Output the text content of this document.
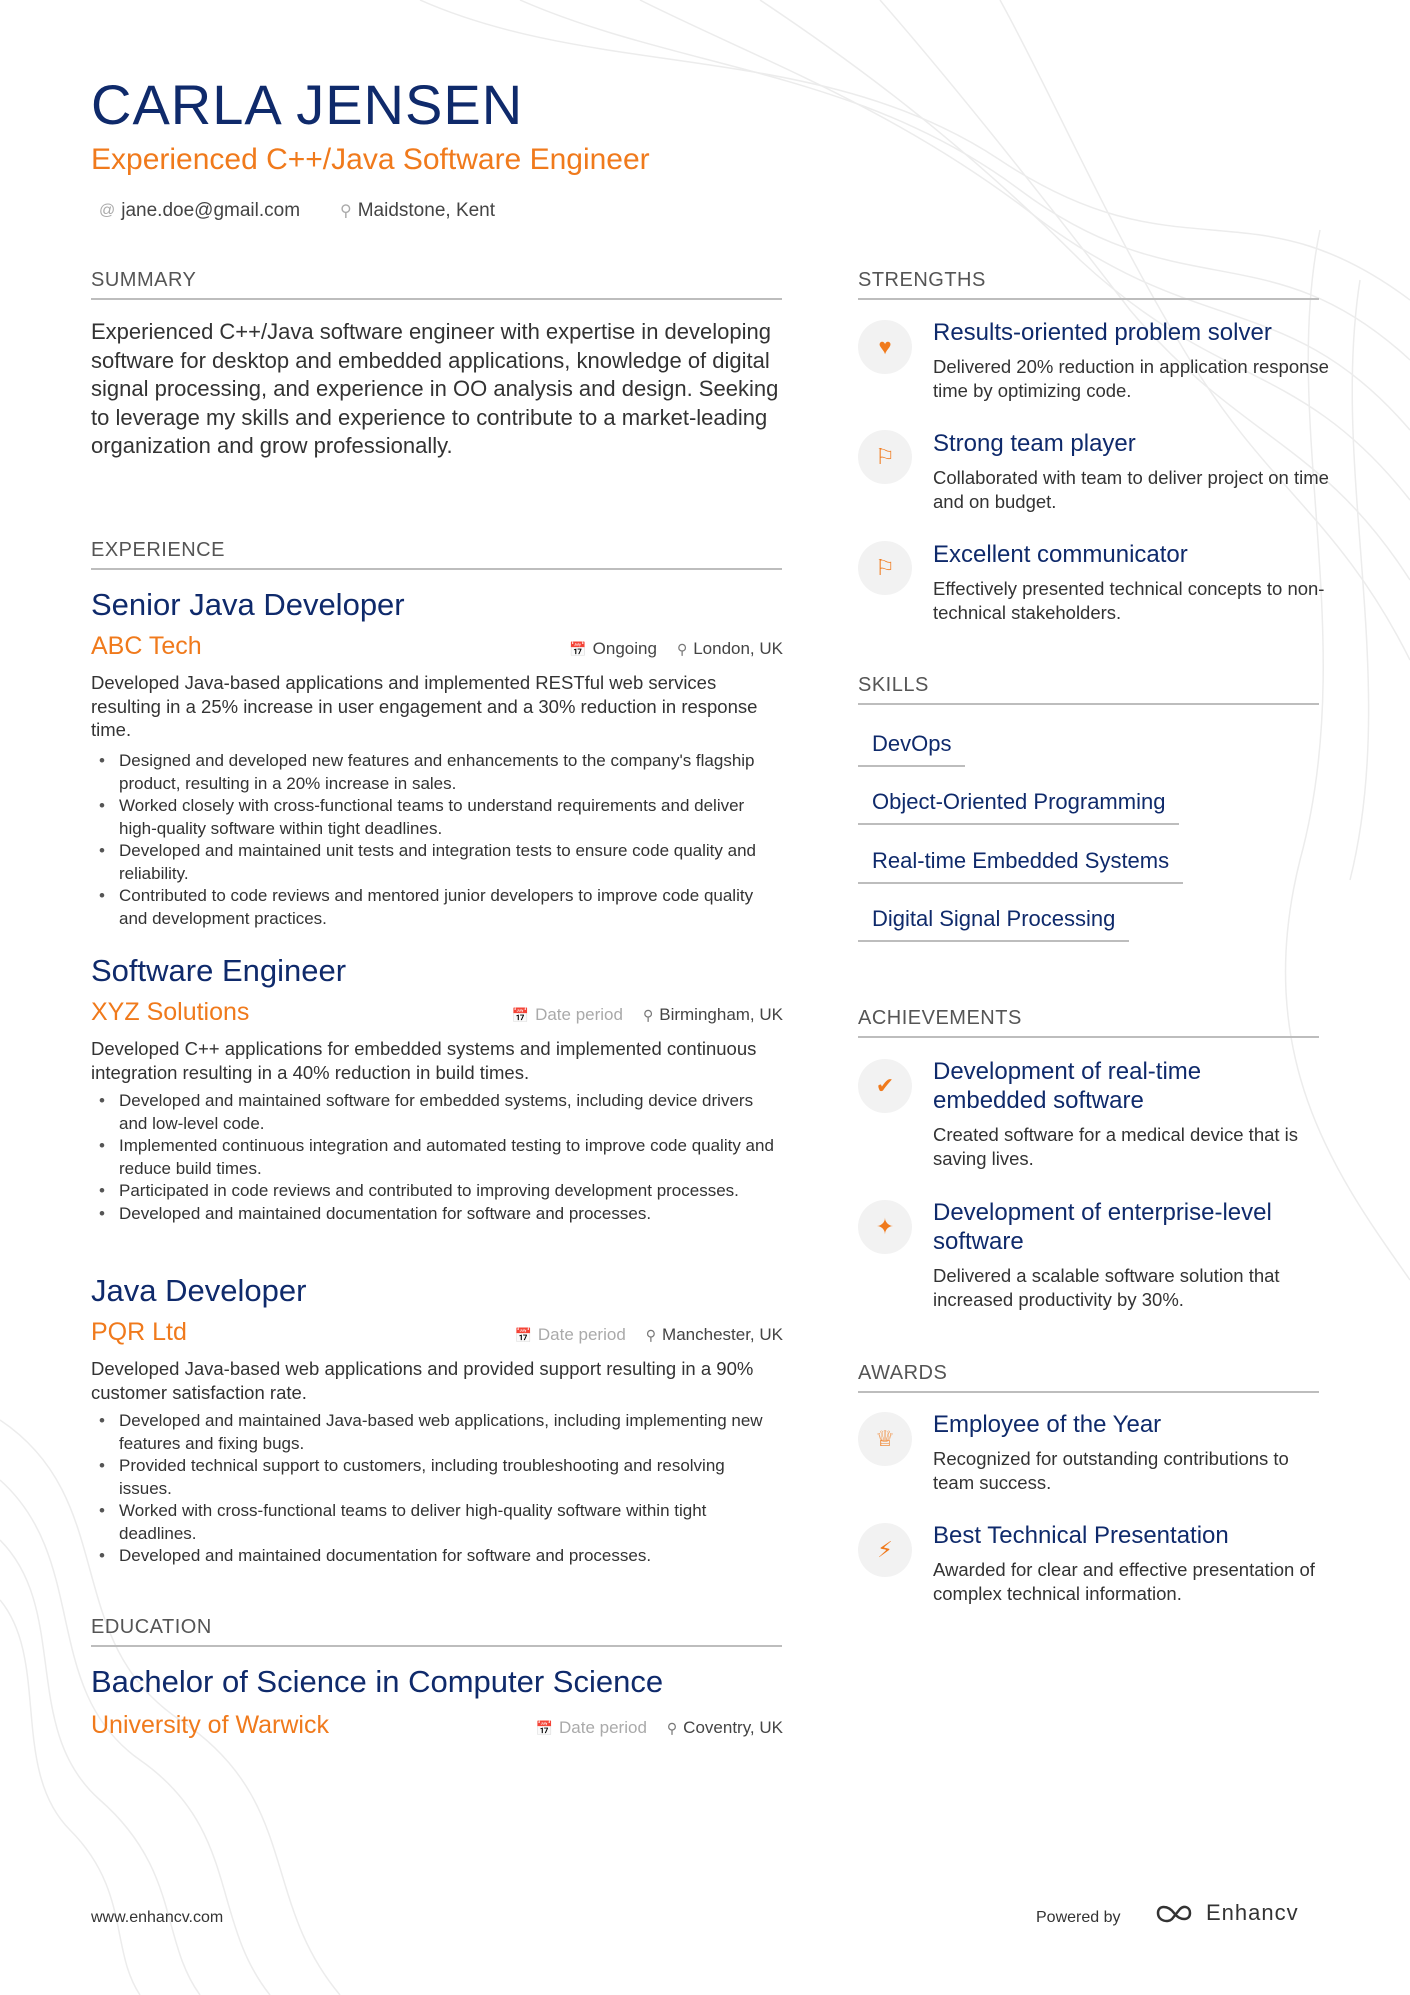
CARLA JENSEN
Experienced C++/Java Software Engineer
@ jane.doe@gmail.com ⚲ Maidstone, Kent
SUMMARY
Experienced C++/Java software engineer with expertise in developing software for desktop and embedded applications, knowledge of digital signal processing, and experience in OO analysis and design. Seeking to leverage my skills and experience to contribute to a market-leading organization and grow professionally.
EXPERIENCE
Senior Java Developer
ABC Tech	📅 Ongoing ⚲ London, UK
Developed Java-based applications and implemented RESTful web services resulting in a 25% increase in user engagement and a 30% reduction in response time.
• Designed and developed new features and enhancements to the company's flagship product, resulting in a 20% increase in sales.
• Worked closely with cross-functional teams to understand requirements and deliver high-quality software within tight deadlines.
• Developed and maintained unit tests and integration tests to ensure code quality and reliability.
• Contributed to code reviews and mentored junior developers to improve code quality and development practices.
Software Engineer
XYZ Solutions	📅 Date period ⚲ Birmingham, UK
Developed C++ applications for embedded systems and implemented continuous integration resulting in a 40% reduction in build times.
• Developed and maintained software for embedded systems, including device drivers and low-level code.
• Implemented continuous integration and automated testing to improve code quality and reduce build times.
• Participated in code reviews and contributed to improving development processes.
• Developed and maintained documentation for software and processes.
Java Developer
PQR Ltd	📅 Date period ⚲ Manchester, UK
Developed Java-based web applications and provided support resulting in a 90% customer satisfaction rate.
• Developed and maintained Java-based web applications, including implementing new features and fixing bugs.
• Provided technical support to customers, including troubleshooting and resolving issues.
• Worked with cross-functional teams to deliver high-quality software within tight deadlines.
• Developed and maintained documentation for software and processes.
EDUCATION
Bachelor of Science in Computer Science
University of Warwick	📅 Date period ⚲ Coventry, UK
STRENGTHS
♥
Results-oriented problem solver
Delivered 20% reduction in application response time by optimizing code.
⚐	Strong team player
Collaborated with team to deliver project on time and on budget.
⚐	Excellent communicator
Effectively presented technical concepts to non-technical stakeholders.
SKILLS
DevOps
Object-Oriented Programming
Real-time Embedded Systems
Digital Signal Processing
ACHIEVEMENTS
✔
Development of real-time embedded software
Created software for a medical device that is saving lives.
✦
Development of enterprise-level software
Delivered a scalable software solution that increased productivity by 30%.
AWARDS
♕
Employee of the Year
Recognized for outstanding contributions to team success.
⚡
Best Technical Presentation
Awarded for clear and effective presentation of complex technical information.
www.enhancv.com	Powered by	Enhancv
